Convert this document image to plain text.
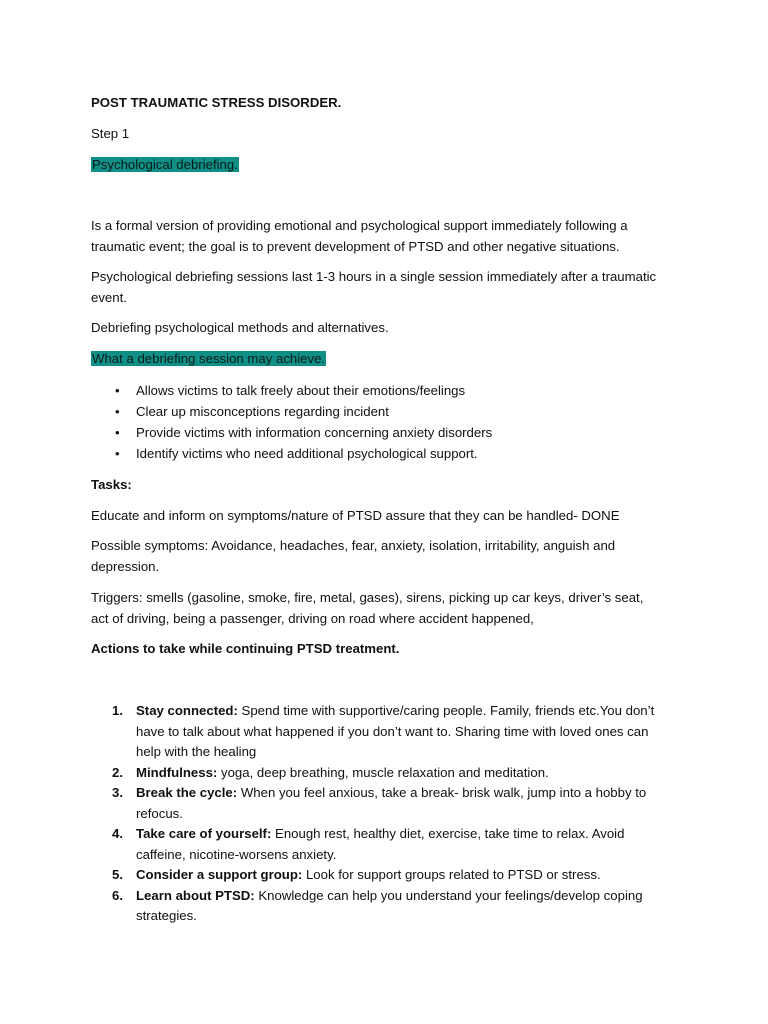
POST TRAUMATIC STRESS DISORDER.

Step 1

Psychological debriefing.

Is a formal version of providing emotional and psychological support immediately following a traumatic event; the goal is to prevent development of PTSD and other negative situations.

Psychological debriefing sessions last 1-3 hours in a single session immediately after a traumatic event.

Debriefing psychological methods and alternatives.

What a debriefing session may achieve.

• Allows victims to talk freely about their emotions/feelings
• Clear up misconceptions regarding incident
• Provide victims with information concerning anxiety disorders
• Identify victims who need additional psychological support.

Tasks:

Educate and inform on symptoms/nature of PTSD assure that they can be handled- DONE

Possible symptoms: Avoidance, headaches, fear, anxiety, isolation, irritability, anguish and depression.

Triggers: smells (gasoline, smoke, fire, metal, gases), sirens, picking up car keys, driver’s seat, act of driving, being a passenger, driving on road where accident happened,

Actions to take while continuing PTSD treatment.

1. Stay connected: Spend time with supportive/caring people. Family, friends etc.You don’t have to talk about what happened if you don’t want to. Sharing time with loved ones can help with the healing
2. Mindfulness: yoga, deep breathing, muscle relaxation and meditation.
3. Break the cycle: When you feel anxious, take a break- brisk walk, jump into a hobby to refocus.
4. Take care of yourself: Enough rest, healthy diet, exercise, take time to relax. Avoid caffeine, nicotine-worsens anxiety.
5. Consider a support group: Look for support groups related to PTSD or stress.
6. Learn about PTSD: Knowledge can help you understand your feelings/develop coping strategies.
